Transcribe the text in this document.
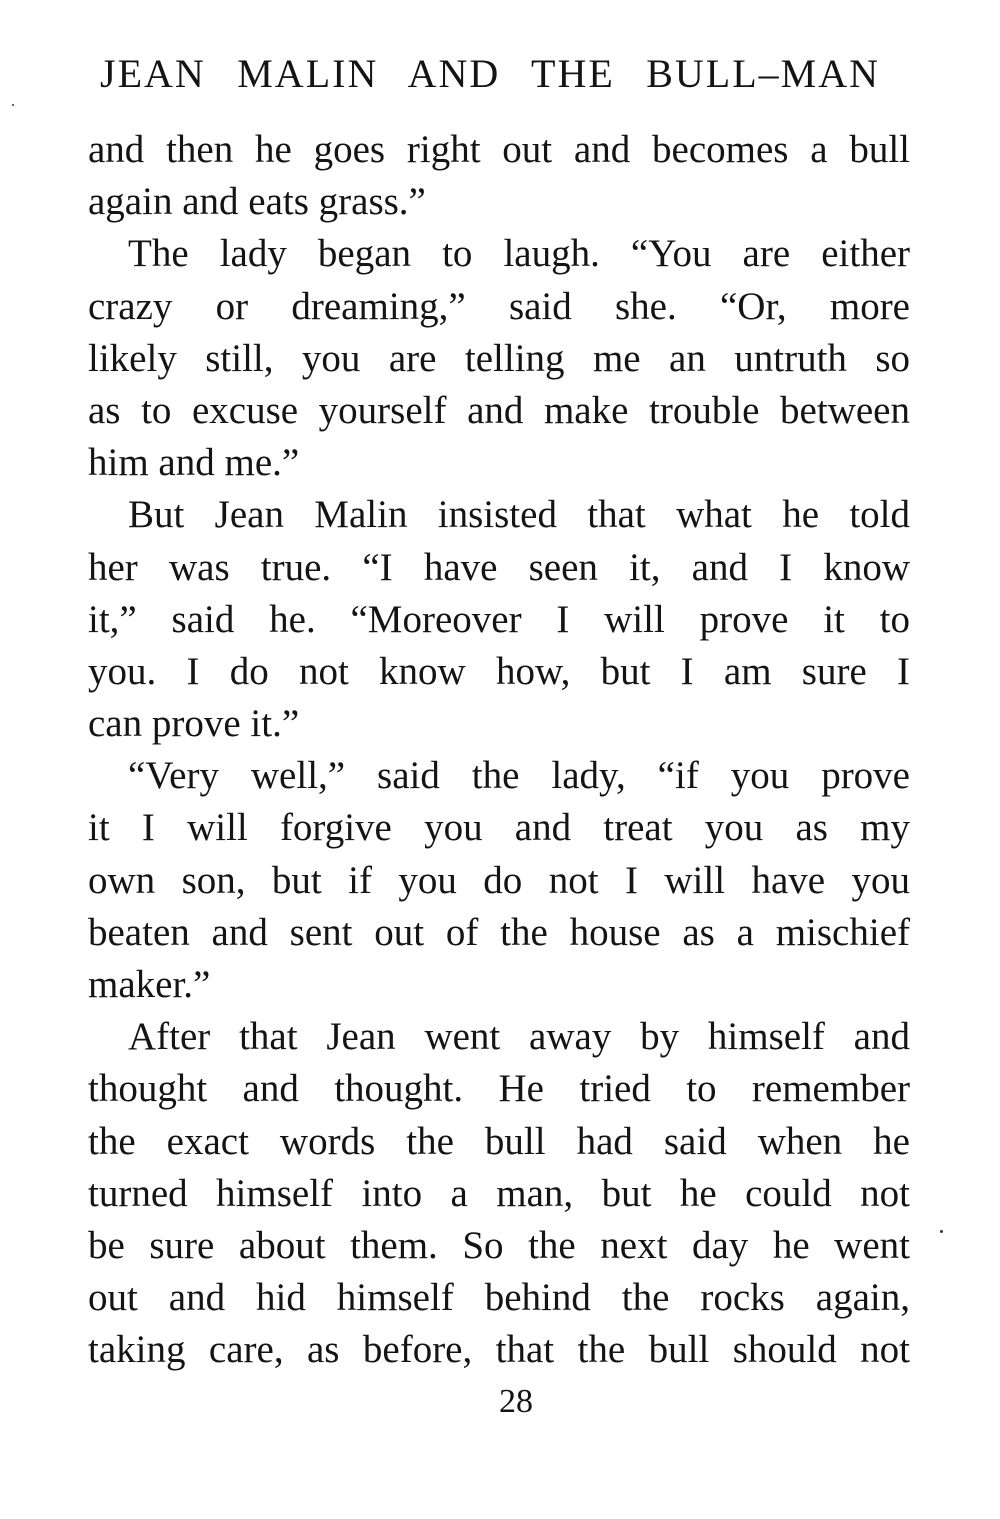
JEAN MALIN AND THE BULL–MAN
and then he goes right out and becomes a bull
again and eats grass.”
The lady began to laugh. “You are either
crazy or dreaming,” said she. “Or, more
likely still, you are telling me an untruth so
as to excuse yourself and make trouble between
him and me.”
But Jean Malin insisted that what he told
her was true. “I have seen it, and I know
it,” said he. “Moreover I will prove it to
you. I do not know how, but I am sure I
can prove it.”
“Very well,” said the lady, “if you prove
it I will forgive you and treat you as my
own son, but if you do not I will have you
beaten and sent out of the house as a mischief
maker.”
After that Jean went away by himself and
thought and thought. He tried to remember
the exact words the bull had said when he
turned himself into a man, but he could not
be sure about them. So the next day he went
out and hid himself behind the rocks again,
taking care, as before, that the bull should not
28
